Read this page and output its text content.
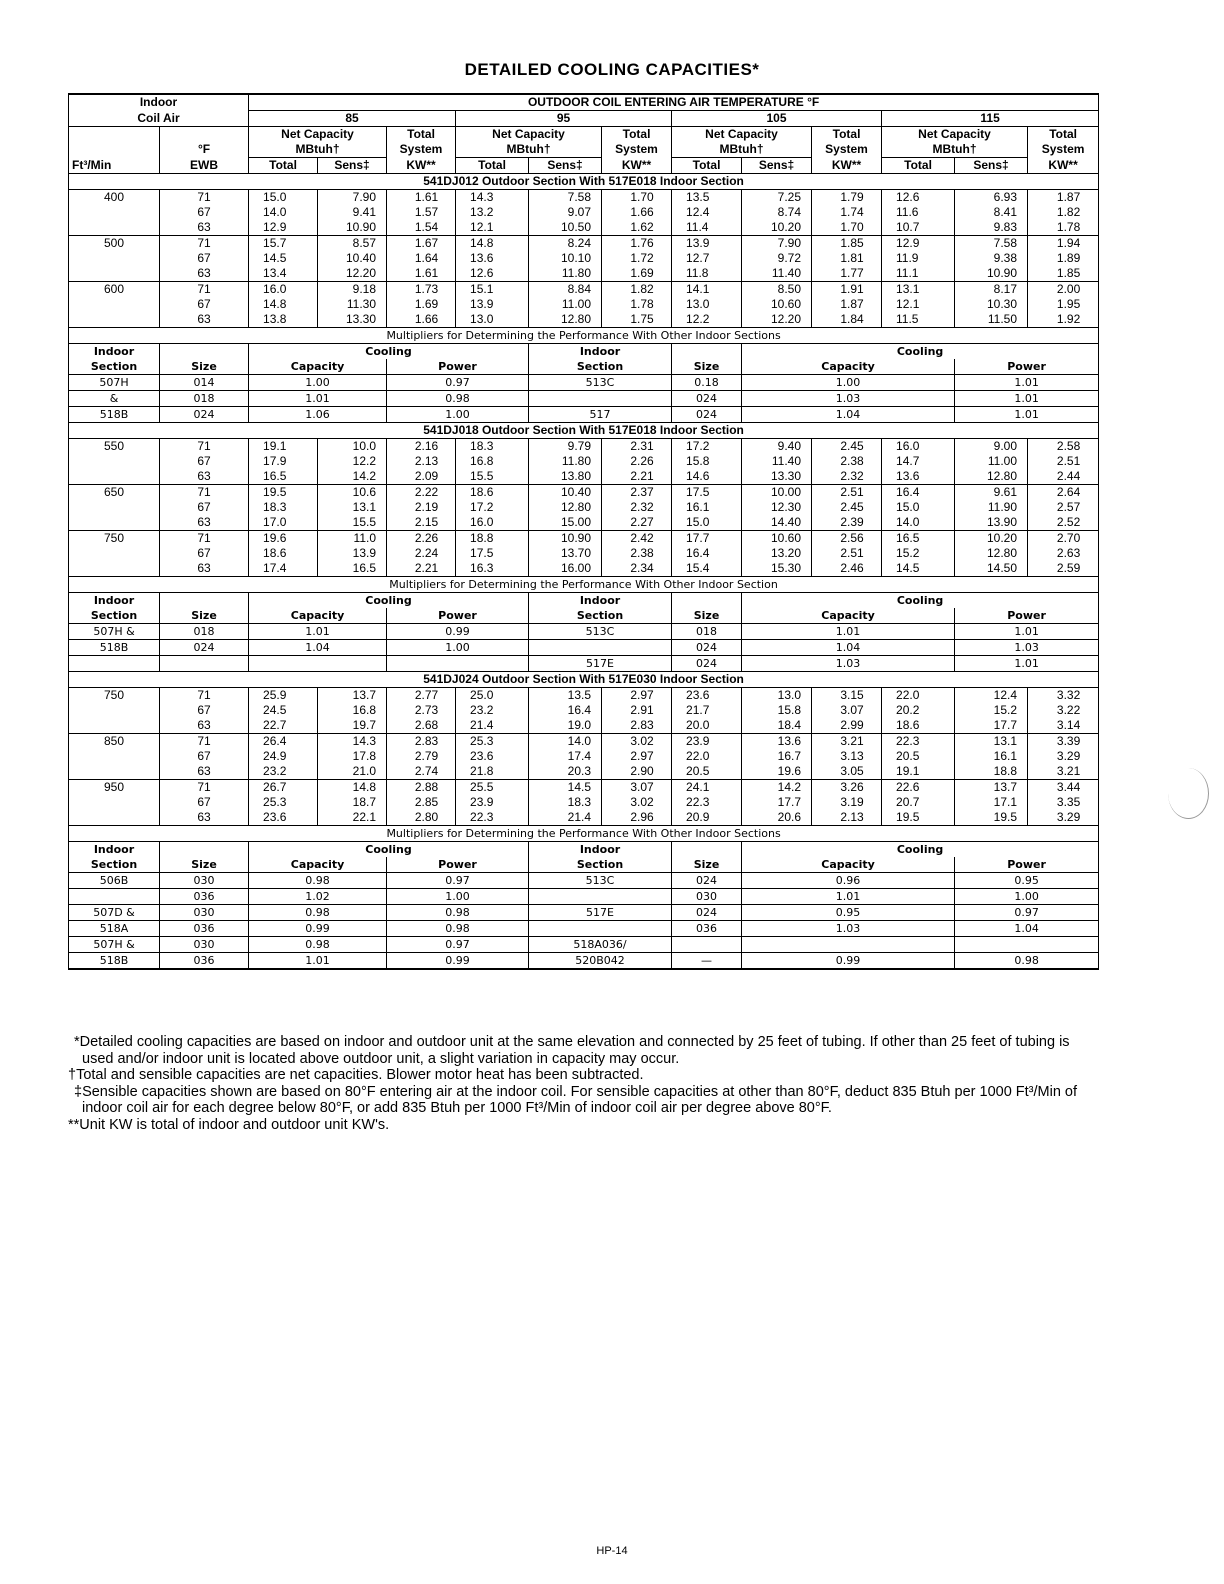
DETAILED COOLING CAPACITIES*
Indoor		OUTDOOR COIL ENTERING AIR TEMPERATURE °F											
Coil Air		85			95			105			115		
		Net Capacity		Total	Net Capacity		Total	Net Capacity		Total	Net Capacity		Total
	°F	MBtuh†		System	MBtuh†		System	MBtuh†		System	MBtuh†		System
Ft³/Min	EWB	Total	Sens‡	KW**	Total	Sens‡	KW**	Total	Sens‡	KW**	Total	Sens‡	KW**
541DJ012 Outdoor Section With 517E018 Indoor Section													
400	71	15.0	7.90	1.61	14.3	7.58	1.70	13.5	7.25	1.79	12.6	6.93	1.87
	67	14.0	9.41	1.57	13.2	9.07	1.66	12.4	8.74	1.74	11.6	8.41	1.82
	63	12.9	10.90	1.54	12.1	10.50	1.62	11.4	10.20	1.70	10.7	9.83	1.78
500	71	15.7	8.57	1.67	14.8	8.24	1.76	13.9	7.90	1.85	12.9	7.58	1.94
	67	14.5	10.40	1.64	13.6	10.10	1.72	12.7	9.72	1.81	11.9	9.38	1.89
	63	13.4	12.20	1.61	12.6	11.80	1.69	11.8	11.40	1.77	11.1	10.90	1.85
600	71	16.0	9.18	1.73	15.1	8.84	1.82	14.1	8.50	1.91	13.1	8.17	2.00
	67	14.8	11.30	1.69	13.9	11.00	1.78	13.0	10.60	1.87	12.1	10.30	1.95
	63	13.8	13.30	1.66	13.0	12.80	1.75	12.2	12.20	1.84	11.5	11.50	1.92
Multipliers for Determining the Performance With Other Indoor Sections													
Indoor		Cooling				Indoor			Cooling				
Section	Size	Capacity		Power		Section		Size	Capacity			Power	
507H	014	1.00		0.97		513C		0.18	1.00			1.01	
&	018	1.01		0.98				024	1.03			1.01	
518B	024	1.06		1.00		517		024	1.04			1.01	
541DJ018 Outdoor Section With 517E018 Indoor Section													
550	71	19.1	10.0	2.16	18.3	9.79	2.31	17.2	9.40	2.45	16.0	9.00	2.58
	67	17.9	12.2	2.13	16.8	11.80	2.26	15.8	11.40	2.38	14.7	11.00	2.51
	63	16.5	14.2	2.09	15.5	13.80	2.21	14.6	13.30	2.32	13.6	12.80	2.44
650	71	19.5	10.6	2.22	18.6	10.40	2.37	17.5	10.00	2.51	16.4	9.61	2.64
	67	18.3	13.1	2.19	17.2	12.80	2.32	16.1	12.30	2.45	15.0	11.90	2.57
	63	17.0	15.5	2.15	16.0	15.00	2.27	15.0	14.40	2.39	14.0	13.90	2.52
750	71	19.6	11.0	2.26	18.8	10.90	2.42	17.7	10.60	2.56	16.5	10.20	2.70
	67	18.6	13.9	2.24	17.5	13.70	2.38	16.4	13.20	2.51	15.2	12.80	2.63
	63	17.4	16.5	2.21	16.3	16.00	2.34	15.4	15.30	2.46	14.5	14.50	2.59
Multipliers for Determining the Performance With Other Indoor Section													
Indoor		Cooling				Indoor			Cooling				
Section	Size	Capacity		Power		Section		Size	Capacity			Power	
507H &	018	1.01		0.99		513C		018	1.01			1.01	
518B	024	1.04		1.00				024	1.04			1.03	
						517E		024	1.03			1.01	
541DJ024 Outdoor Section With 517E030 Indoor Section													
750	71	25.9	13.7	2.77	25.0	13.5	2.97	23.6	13.0	3.15	22.0	12.4	3.32
	67	24.5	16.8	2.73	23.2	16.4	2.91	21.7	15.8	3.07	20.2	15.2	3.22
	63	22.7	19.7	2.68	21.4	19.0	2.83	20.0	18.4	2.99	18.6	17.7	3.14
850	71	26.4	14.3	2.83	25.3	14.0	3.02	23.9	13.6	3.21	22.3	13.1	3.39
	67	24.9	17.8	2.79	23.6	17.4	2.97	22.0	16.7	3.13	20.5	16.1	3.29
	63	23.2	21.0	2.74	21.8	20.3	2.90	20.5	19.6	3.05	19.1	18.8	3.21
950	71	26.7	14.8	2.88	25.5	14.5	3.07	24.1	14.2	3.26	22.6	13.7	3.44
	67	25.3	18.7	2.85	23.9	18.3	3.02	22.3	17.7	3.19	20.7	17.1	3.35
	63	23.6	22.1	2.80	22.3	21.4	2.96	20.9	20.6	2.13	19.5	19.5	3.29
Multipliers for Determining the Performance With Other Indoor Sections													
Indoor		Cooling				Indoor			Cooling				
Section	Size	Capacity		Power		Section		Size	Capacity			Power	
506B	030	0.98		0.97		513C		024	0.96			0.95	
	036	1.02		1.00				030	1.01			1.00	
507D &	030	0.98		0.98		517E		024	0.95			0.97	
518A	036	0.99		0.98				036	1.03			1.04	
507H &	030	0.98		0.97		518A036/							
518B	036	1.01		0.99		520B042		—	0.99			0.98	

*Detailed cooling capacities are based on indoor and outdoor unit at the same elevation and connected by 25 feet of tubing. If other than 25 feet of tubing is used and/or indoor unit is located above outdoor unit, a slight variation in capacity may occur.

†Total and sensible capacities are net capacities. Blower motor heat has been subtracted.

‡Sensible capacities shown are based on 80°F entering air at the indoor coil. For sensible capacities at other than 80°F, deduct 835 Btuh per 1000 Ft³/Min of indoor coil air for each degree below 80°F, or add 835 Btuh per 1000 Ft³/Min of indoor coil air per degree above 80°F.

**Unit KW is total of indoor and outdoor unit KW's.

HP-14
